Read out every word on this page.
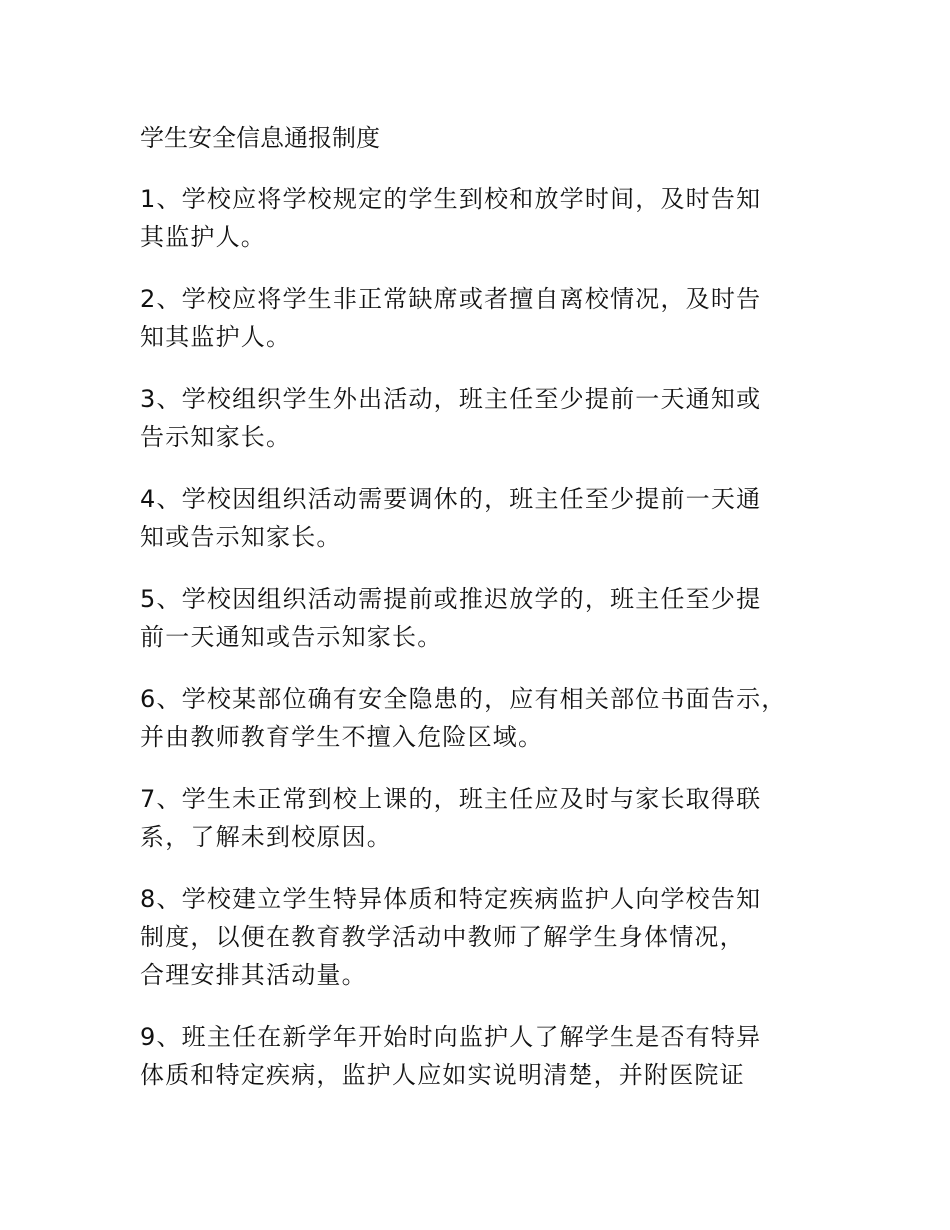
学生安全信息通报制度
1、学校应将学校规定的学生到校和放学时间，及时告知
其监护人。
2、学校应将学生非正常缺席或者擅自离校情况，及时告
知其监护人。
3、学校组织学生外出活动，班主任至少提前一天通知或
告示知家长。
4、学校因组织活动需要调休的，班主任至少提前一天通
知或告示知家长。
5、学校因组织活动需提前或推迟放学的，班主任至少提
前一天通知或告示知家长。
6、学校某部位确有安全隐患的，应有相关部位书面告示，
并由教师教育学生不擅入危险区域。
7、学生未正常到校上课的，班主任应及时与家长取得联
系，了解未到校原因。
8、学校建立学生特异体质和特定疾病监护人向学校告知
制度，以便在教育教学活动中教师了解学生身体情况，
合理安排其活动量。
9、班主任在新学年开始时向监护人了解学生是否有特异
体质和特定疾病，监护人应如实说明清楚，并附医院证
